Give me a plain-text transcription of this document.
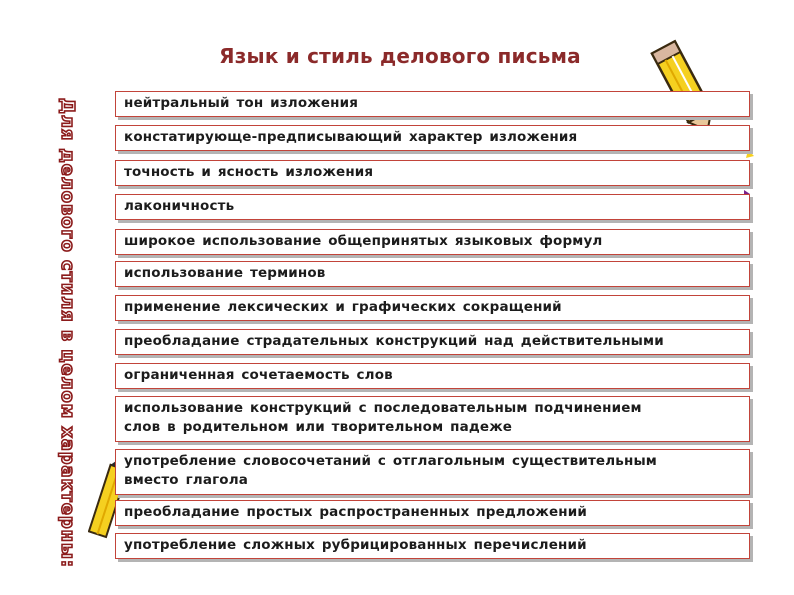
Для делового стиля в целом характерны:
Язык и стиль делового письма
нейтральный тон изложения
констатирующе-предписывающий характер изложения
точность и ясность изложения
лаконичность
широкое использование общепринятых языковых формул
использование терминов
применение лексических и графических сокращений
преобладание страдательных конструкций над действительными
ограниченная сочетаемость слов
использование конструкций с последовательным подчинением
слов в родительном или творительном падеже
употребление словосочетаний с отглагольным существительным
вместо глагола
преобладание простых распространенных предложений
употребление сложных рубрицированных перечислений
